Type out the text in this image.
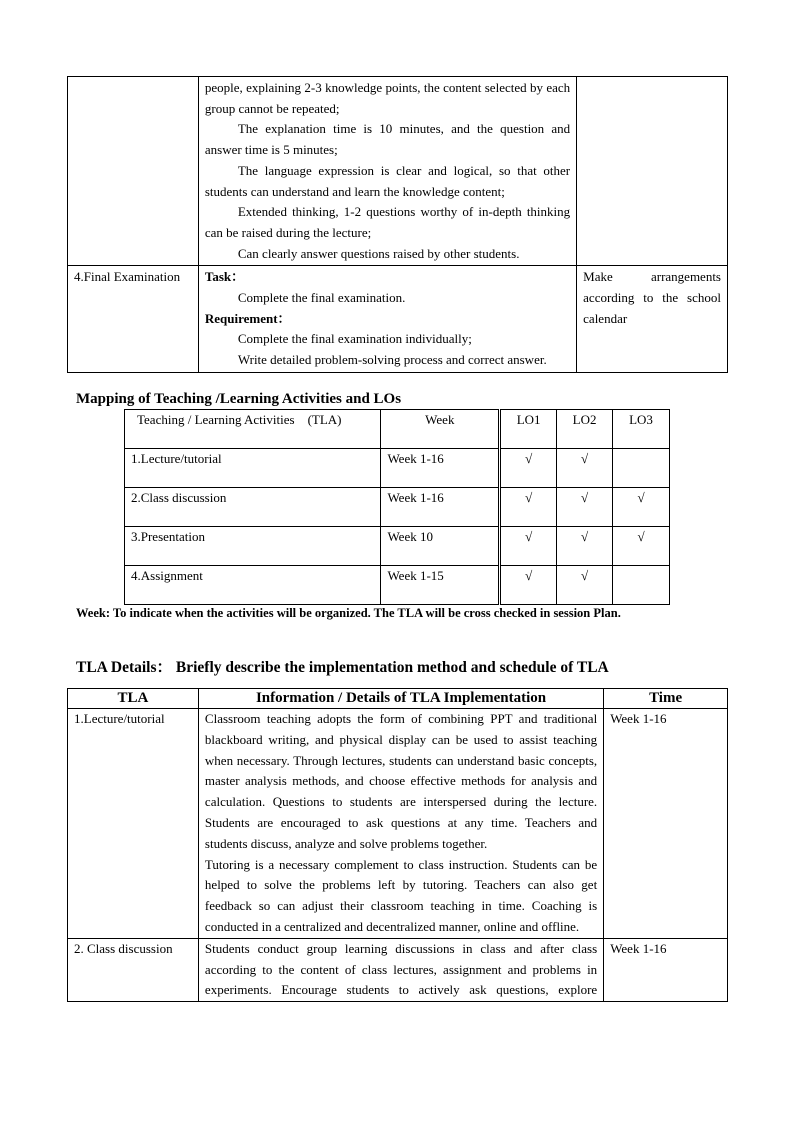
	people, explaining 2-3 knowledge points, the content selected by each group cannot be repeated;
The explanation time is 10 minutes, and the question and answer time is 5 minutes;
The language expression is clear and logical, so that other students can understand and learn the knowledge content;
Extended thinking, 1-2 questions worthy of in-depth thinking can be raised during the lecture;
Can clearly answer questions raised by other students.	

4.Final Examination	Task：
Complete the final examination.
Requirement：
Complete the final examination individually;
Write detailed problem-solving process and correct answer.	Make arrangements according to the school calendar
Mapping of Teaching /Learning Activities and LOs
Teaching / Learning Activities　(TLA)	Week	LO1	LO2	LO3
1.Lecture/tutorial	Week 1-16	√	√	
2.Class discussion	Week 1-16	√	√	√
3.Presentation	Week 10	√	√	√
4.Assignment	Week 1-15	√	√	
Week: To indicate when the activities will be organized. The TLA will be cross checked in session Plan.
TLA Details： Briefly describe the implementation method and schedule of TLA
TLA	Information / Details of TLA Implementation	Time
1.Lecture/tutorial	Classroom teaching adopts the form of combining PPT and traditional blackboard writing, and physical display can be used to assist teaching when necessary. Through lectures, students can understand basic concepts, master analysis methods, and choose effective methods for analysis and calculation. Questions to students are interspersed during the lecture. Students are encouraged to ask questions at any time. Teachers and students discuss, analyze and solve problems together.
Tutoring is a necessary complement to class instruction. Students can be helped to solve the problems left by tutoring. Teachers can also get feedback so can adjust their classroom teaching in time. Coaching is conducted in a centralized and decentralized manner, online and offline.	Week 1-16
2. Class discussion	Students conduct group learning discussions in class and after class according to the content of class lectures, assignment and problems in experiments. Encourage students to actively ask questions, explore	Week 1-16
